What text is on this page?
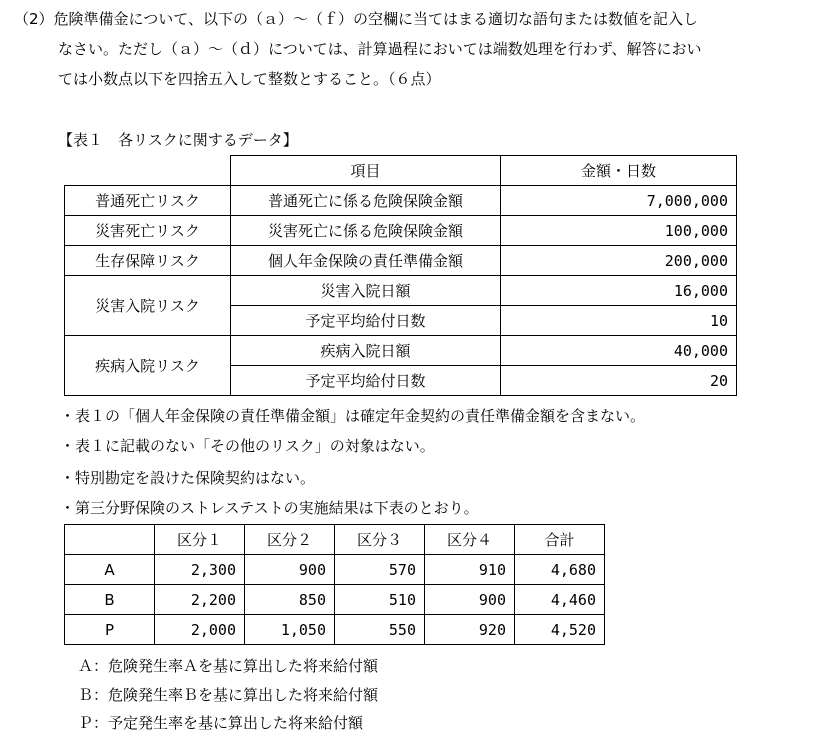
（2）危険準備金について、以下の（ａ）～（ｆ）の空欄に当てはまる適切な語句または数値を記入し
なさい。ただし（ａ）～（ｄ）については、計算過程においては端数処理を行わず、解答におい
ては小数点以下を四捨五入して整数とすること。（６点）
【表１　各リスクに関するデータ】
	項目	金額・日数
普通死亡リスク	普通死亡に係る危険保険金額	7,000,000
災害死亡リスク	災害死亡に係る危険保険金額	100,000
生存保障リスク	個人年金保険の責任準備金額	200,000
災害入院リスク	災害入院日額	16,000
	予定平均給付日数	10
疾病入院リスク	疾病入院日額	40,000
	予定平均給付日数	20
・表１の「個人年金保険の責任準備金額」は確定年金契約の責任準備金額を含まない。
・表１に記載のない「その他のリスク」の対象はない。
・特別勘定を設けた保険契約はない。
・第三分野保険のストレステストの実施結果は下表のとおり。
	区分１	区分２	区分３	区分４	合計
A	2,300	900	570	910	4,680
B	2,200	850	510	900	4,460
P	2,000	1,050	550	920	4,520
Ａ：危険発生率Ａを基に算出した将来給付額
Ｂ：危険発生率Ｂを基に算出した将来給付額
Ｐ：予定発生率を基に算出した将来給付額
